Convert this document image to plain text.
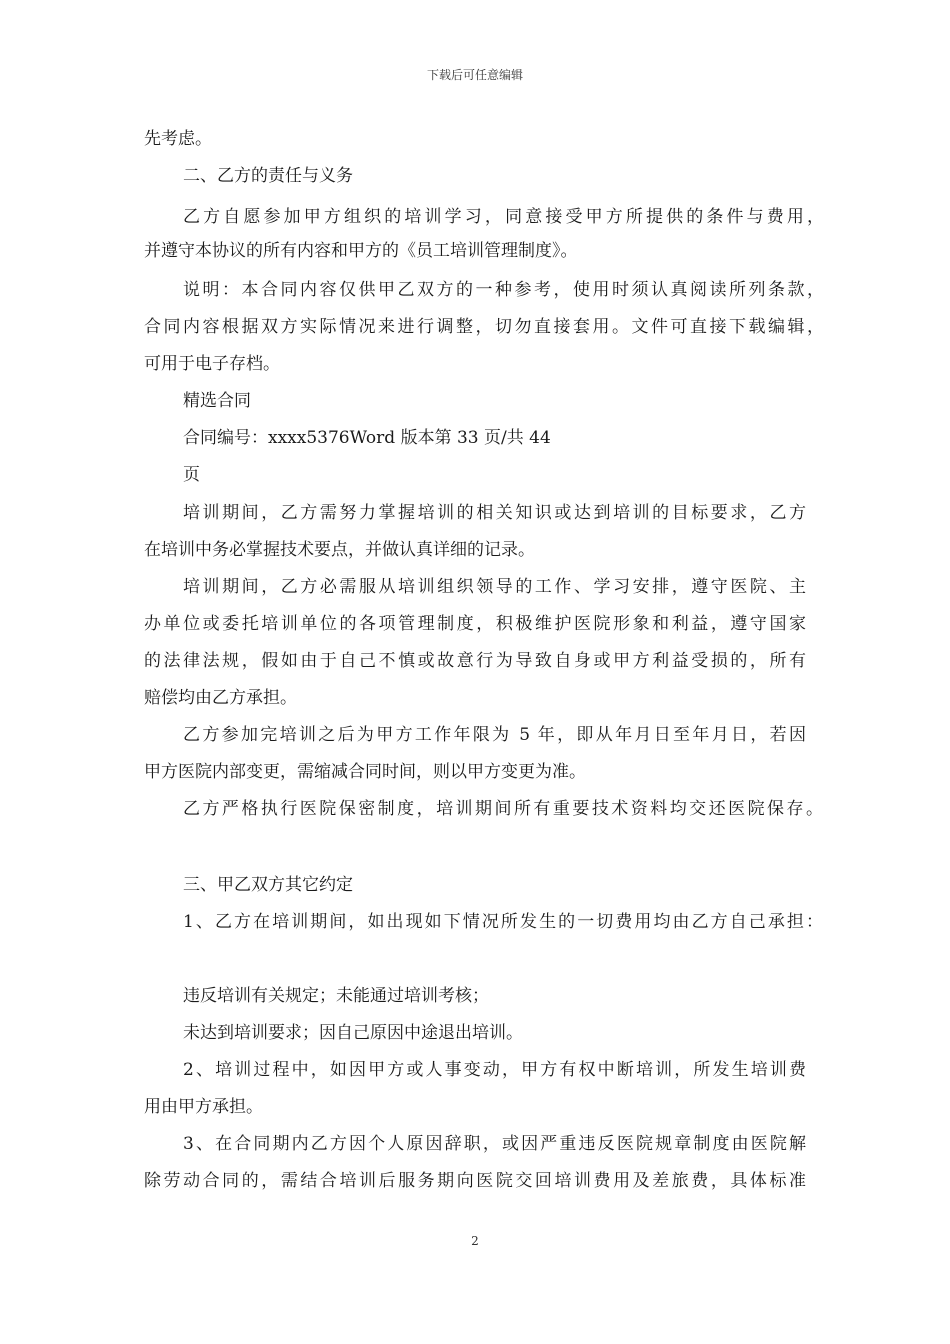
下载后可任意编辑
先考虑。
二、乙方的责任与义务
乙方自愿参加甲方组织的培训学习，同意接受甲方所提供的条件与费用，
并遵守本协议的所有内容和甲方的《员工培训管理制度》。
说明：本合同内容仅供甲乙双方的一种参考，使用时须认真阅读所列条款，
合同内容根据双方实际情况来进行调整，切勿直接套用。文件可直接下载编辑，
可用于电子存档。
精选合同
合同编号：xxxx5376Word 版本第 33 页/共 44
页
培训期间，乙方需努力掌握培训的相关知识或达到培训的目标要求，乙方
在培训中务必掌握技术要点，并做认真详细的记录。
培训期间，乙方必需服从培训组织领导的工作、学习安排，遵守医院、主
办单位或委托培训单位的各项管理制度，积极维护医院形象和利益，遵守国家
的法律法规，假如由于自己不慎或故意行为导致自身或甲方利益受损的，所有
赔偿均由乙方承担。
乙方参加完培训之后为甲方工作年限为 5 年，即从年月日至年月日，若因
甲方医院内部变更，需缩减合同时间，则以甲方变更为准。
乙方严格执行医院保密制度，培训期间所有重要技术资料均交还医院保存。
三、甲乙双方其它约定
1、乙方在培训期间，如出现如下情况所发生的一切费用均由乙方自己承担：
违反培训有关规定；未能通过培训考核；
未达到培训要求；因自己原因中途退出培训。
2、培训过程中，如因甲方或人事变动，甲方有权中断培训，所发生培训费
用由甲方承担。
3、在合同期内乙方因个人原因辞职，或因严重违反医院规章制度由医院解
除劳动合同的，需结合培训后服务期向医院交回培训费用及差旅费，具体标准
2
